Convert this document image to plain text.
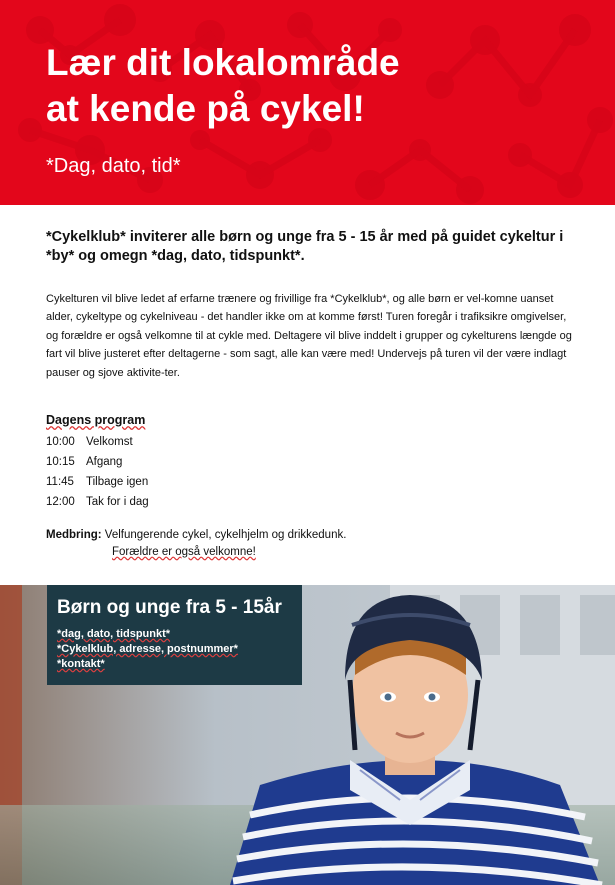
Lær dit lokalområde
at kende på cykel!
*Dag, dato, tid*

*Cykelklub* inviterer alle børn og unge fra 5 - 15 år med på guidet cykeltur i *by* og omegn *dag, dato, tidspunkt*.

Cykelturen vil blive ledet af erfarne trænere og frivillige fra *Cykelklub*, og alle børn er vel-komne uanset alder, cykeltype og cykelniveau - det handler ikke om at komme først! Turen foregår i trafiksikre omgivelser, og forældre er også velkomne til at cykle med. Deltagere vil blive inddelt i grupper og cykelturens længde og fart vil blive justeret efter deltagerne - som sagt, alle kan være med! Undervejs på turen vil der være indlagt pauser og sjove aktivite-ter.

Dagens program
10:00 Velkomst
10:15 Afgang
11:45	Tilbage igen
12:00 Tak for i dag
Medbring: Velfungerende cykel, cykelhjelm og drikkedunk.
Forældre er også velkomne!
Børn og unge fra 5 - 15år
*dag, dato, tidspunkt*
*Cykelklub, adresse, postnummer*
*kontakt*
